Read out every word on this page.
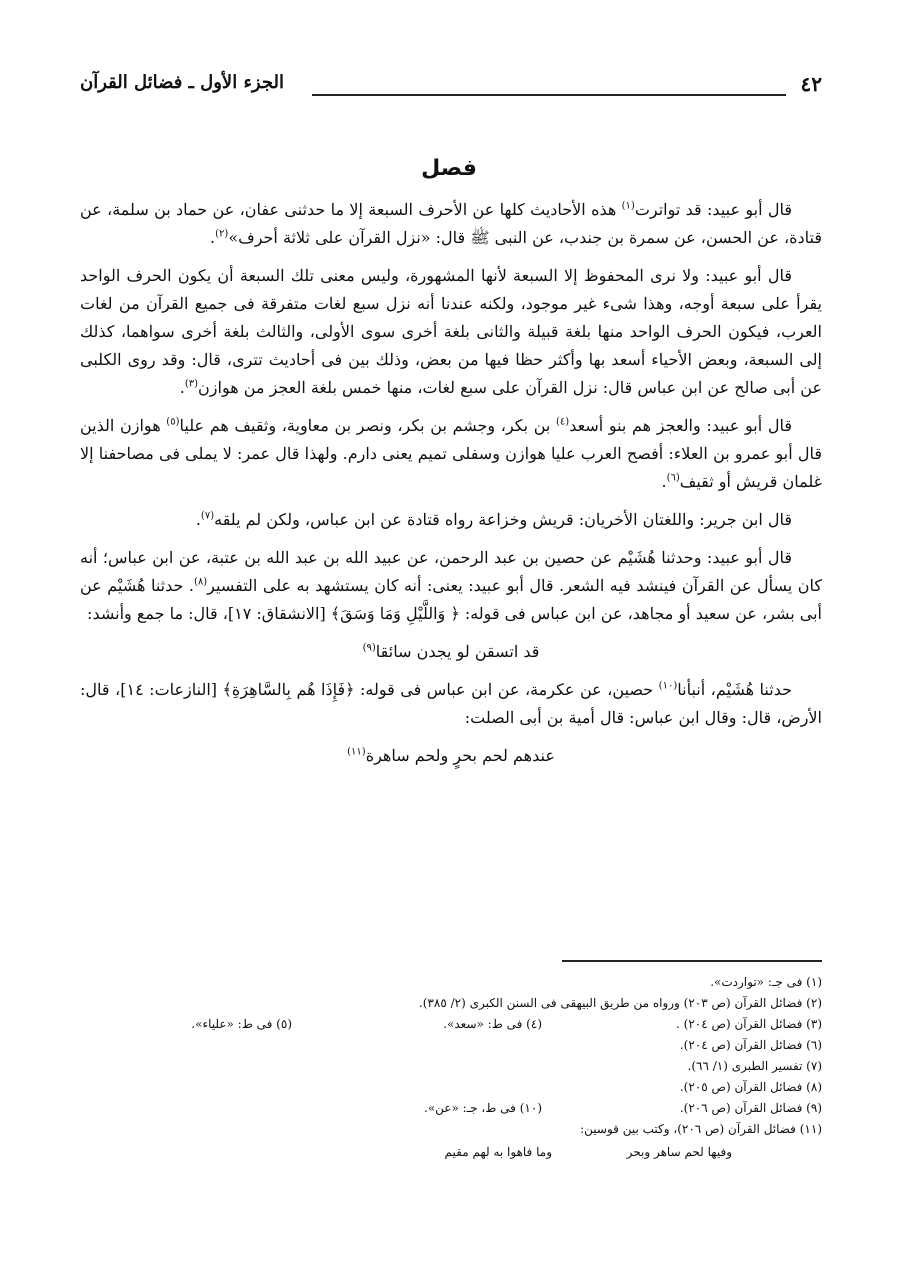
٤٢
الجزء الأول ـ فضائل القرآن
فصل

قال أبو عبيد: قد تواترت$^{(١)}$ هذه الأحاديث كلها عن الأحرف السبعة إلا ما حدثنى عفان، عن حماد بن سلمة، عن قتادة، عن الحسن، عن سمرة بن جندب، عن النبى ﷺ قال: «نزل القرآن على ثلاثة أحرف»$^{(٢)}$.

قال أبو عبيد: ولا نرى المحفوظ إلا السبعة لأنها المشهورة، وليس معنى تلك السبعة أن يكون الحرف الواحد يقرأ على سبعة أوجه، وهذا شىء غير موجود، ولكنه عندنا أنه نزل سبع لغات متفرقة فى جميع القرآن من لغات العرب، فيكون الحرف الواحد منها بلغة قبيلة والثانى بلغة أخرى سوى الأولى، والثالث بلغة أخرى سواهما، كذلك إلى السبعة، وبعض الأحياء أسعد بها وأكثر حظا فيها من بعض، وذلك بين فى أحاديث تترى، قال: وقد روى الكلبى عن أبى صالح عن ابن عباس قال: نزل القرآن على سبع لغات، منها خمس بلغة العجز من هوازن$^{(٣)}$.

قال أبو عبيد: والعجز هم بنو أسعد$^{(٤)}$ بن بكر، وجشم بن بكر، ونصر بن معاوية، وثقيف هم عليا$^{(٥)}$ هوازن الذين قال أبو عمرو بن العلاء: أفصح العرب عليا هوازن وسفلى تميم يعنى دارم. ولهذا قال عمر: لا يملى فى مصاحفنا إلا غلمان قريش أو ثقيف$^{(٦)}$.

قال ابن جرير: واللغتان الأخريان: قريش وخزاعة رواه قتادة عن ابن عباس، ولكن لم يلقه$^{(٧)}$.

قال أبو عبيد: وحدثنا هُشَيْم عن حصين بن عبد الرحمن، عن عبيد الله بن عبد الله بن عتبة، عن ابن عباس؛ أنه كان يسأل عن القرآن فينشد فيه الشعر. قال أبو عبيد: يعنى: أنه كان يستشهد به على التفسير$^{(٨)}$. حدثنا هُشَيْم عن أبى بشر، عن سعيد أو مجاهد، عن ابن عباس فى قوله: ﴿ وَاللَّيْلِ وَمَا وَسَقَ﴾ [الانشقاق: ١٧]، قال: ما جمع وأنشد:

قد اتسقن لو يجدن سائقا$^{(٩)}$

حدثنا هُشَيْم، أنبأنا$^{(١٠)}$ حصين، عن عكرمة، عن ابن عباس فى قوله: ﴿فَإِذَا هُم بِالسَّاهِرَةِ﴾ [النازعات: ١٤]، قال: الأرض، قال: وقال ابن عباس: قال أمية بن أبى الصلت:

عندهم لحم بحرٍ ولحم ساهرة$^{(١١)}$
(١) فى جـ: «تواردت».
(٢) فضائل القرآن (ص ٢٠٣) ورواه من طريق البيهقى فى السنن الكبرى (٢/ ٣٨٥).
(٣) فضائل القرآن (ص ٢٠٤) .
(٤) فى ط: «سعد».
(٥) فى ط: «علياء».
(٦) فضائل القرآن (ص ٢٠٤).
(٧) تفسير الطبرى (١/ ٦٦).
(٨) فضائل القرآن (ص ٢٠٥).
(٩) فضائل القرآن (ص ٢٠٦).
(١٠) فى ط، جـ: «عن».
(١١) فضائل القرآن (ص ٢٠٦)، وكتب بين قوسين:
وفيها لحم ساهر وبحر
وما فاهوا به لهم مقيم
